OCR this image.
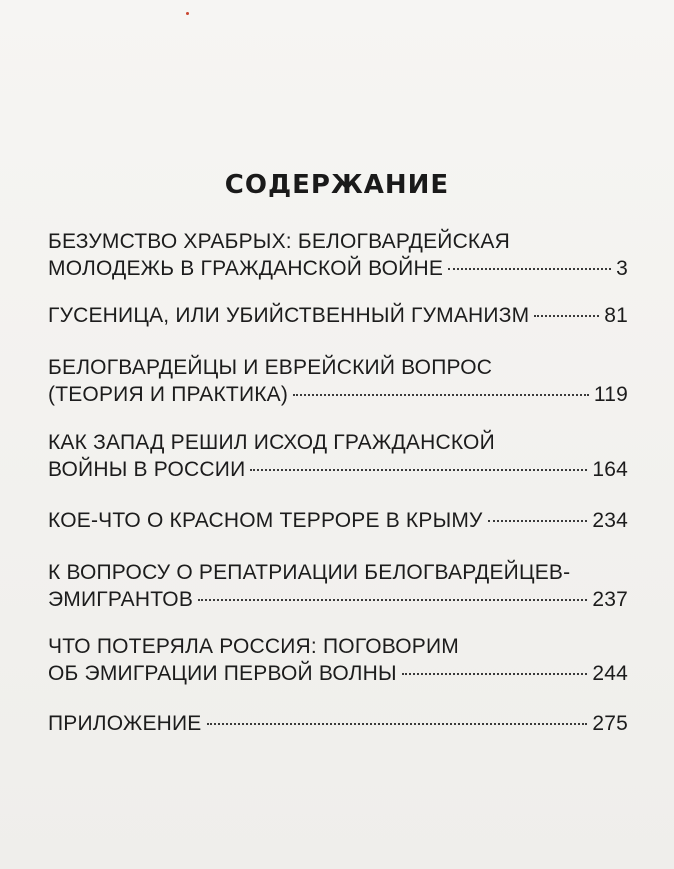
СОДЕРЖАНИЕ
БЕЗУМСТВО ХРАБРЫХ: БЕЛОГВАРДЕЙСКАЯ
МОЛОДЕЖЬ В ГРАЖДАНСКОЙ ВОЙНЕ	3
ГУСЕНИЦА, ИЛИ УБИЙСТВЕННЫЙ ГУМАНИЗМ	81
БЕЛОГВАРДЕЙЦЫ И ЕВРЕЙСКИЙ ВОПРОС
(ТЕОРИЯ И ПРАКТИКА)	119
КАК ЗАПАД РЕШИЛ ИСХОД ГРАЖДАНСКОЙ
ВОЙНЫ В РОССИИ	164
КОЕ-ЧТО О КРАСНОМ ТЕРРОРЕ В КРЫМУ	234
К ВОПРОСУ О РЕПАТРИАЦИИ БЕЛОГВАРДЕЙЦЕВ-
ЭМИГРАНТОВ	237
ЧТО ПОТЕРЯЛА РОССИЯ: ПОГОВОРИМ
ОБ ЭМИГРАЦИИ ПЕРВОЙ ВОЛНЫ	244
ПРИЛОЖЕНИЕ	275
